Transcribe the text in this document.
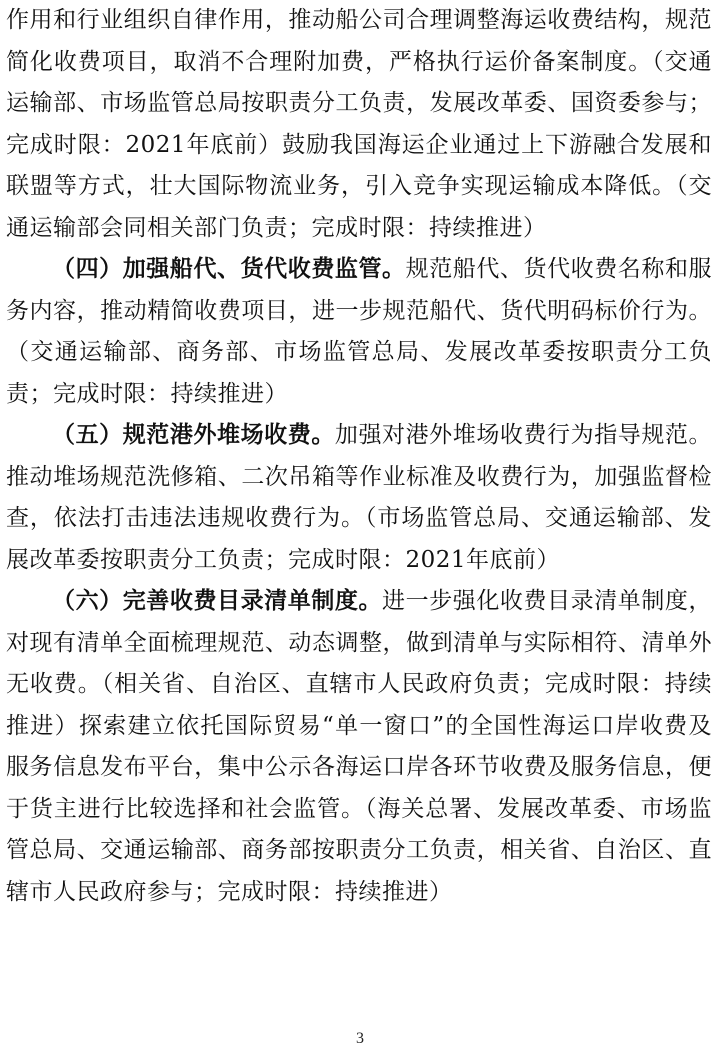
作用和行业组织自律作用，推动船公司合理调整海运收费结构，规范简化收费项目，取消不合理附加费，严格执行运价备案制度。（交通运输部、市场监管总局按职责分工负责，发展改革委、国资委参与；完成时限：2021年底前）鼓励我国海运企业通过上下游融合发展和联盟等方式，壮大国际物流业务，引入竞争实现运输成本降低。（交通运输部会同相关部门负责；完成时限：持续推进）

（四）加强船代、货代收费监管。规范船代、货代收费名称和服务内容，推动精简收费项目，进一步规范船代、货代明码标价行为。（交通运输部、商务部、市场监管总局、发展改革委按职责分工负责；完成时限：持续推进）

（五）规范港外堆场收费。加强对港外堆场收费行为指导规范。推动堆场规范洗修箱、二次吊箱等作业标准及收费行为，加强监督检查，依法打击违法违规收费行为。（市场监管总局、交通运输部、发展改革委按职责分工负责；完成时限：2021年底前）

（六）完善收费目录清单制度。进一步强化收费目录清单制度，对现有清单全面梳理规范、动态调整，做到清单与实际相符、清单外无收费。（相关省、自治区、直辖市人民政府负责；完成时限：持续推进）探索建立依托国际贸易“单一窗口”的全国性海运口岸收费及服务信息发布平台，集中公示各海运口岸各环节收费及服务信息，便于货主进行比较选择和社会监管。（海关总署、发展改革委、市场监管总局、交通运输部、商务部按职责分工负责，相关省、自治区、直辖市人民政府参与；完成时限：持续推进）

3
